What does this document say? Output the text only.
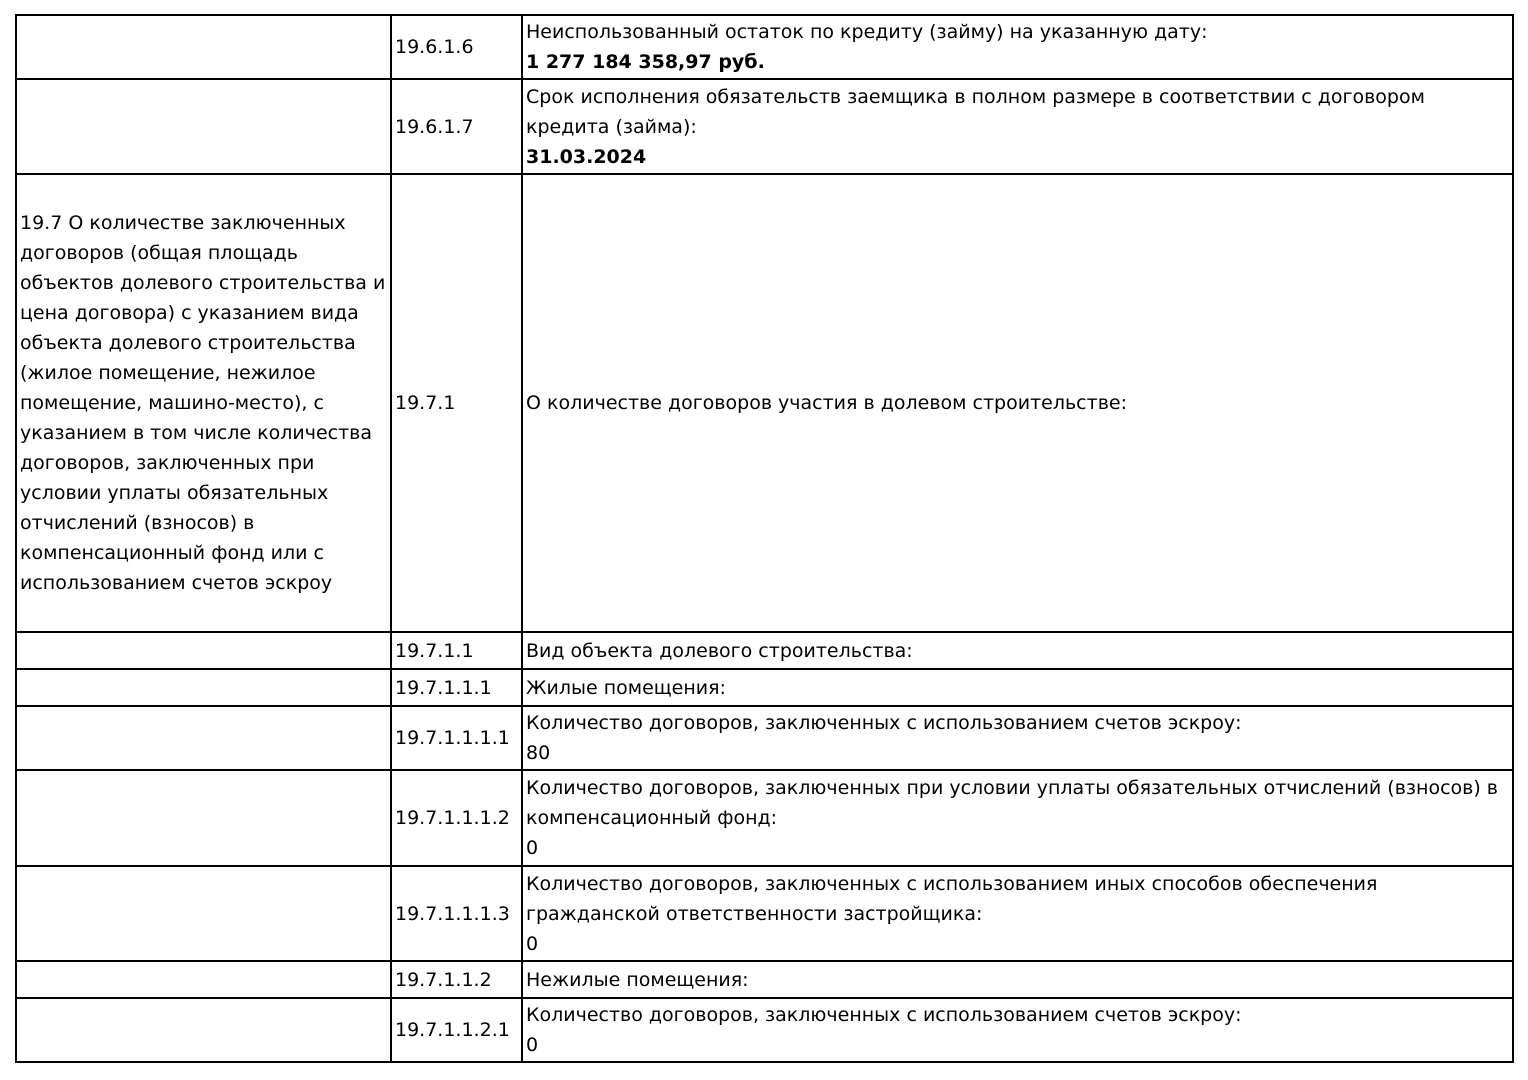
	19.6.1.6	Неиспользованный остаток по кредиту (займу) на указанную дату:
1 277 184 358,97 руб.

	19.6.1.7	Срок исполнения обязательств заемщика в полном размере в соответствии с договором кредита (займа):
31.03.2024

19.7 О количестве заключенных договоров (общая площадь объектов долевого строительства и цена договора) с указанием вида объекта долевого строительства (жилое помещение, нежилое помещение, машино-место), с указанием в том числе количества договоров, заключенных при условии уплаты обязательных отчислений (взносов) в компенсационный фонд или с использованием счетов эскроу	19.7.1	О количестве договоров участия в долевом строительстве:

	19.7.1.1	Вид объекта долевого строительства:

	19.7.1.1.1	Жилые помещения:

	19.7.1.1.1.1	Количество договоров, заключенных с использованием счетов эскроу:
80

	19.7.1.1.1.2	Количество договоров, заключенных при условии уплаты обязательных отчислений (взносов) в компенсационный фонд:
0

	19.7.1.1.1.3	Количество договоров, заключенных с использованием иных способов обеспечения гражданской ответственности застройщика:
0

	19.7.1.1.2	Нежилые помещения:

	19.7.1.1.2.1	Количество договоров, заключенных с использованием счетов эскроу:
0
